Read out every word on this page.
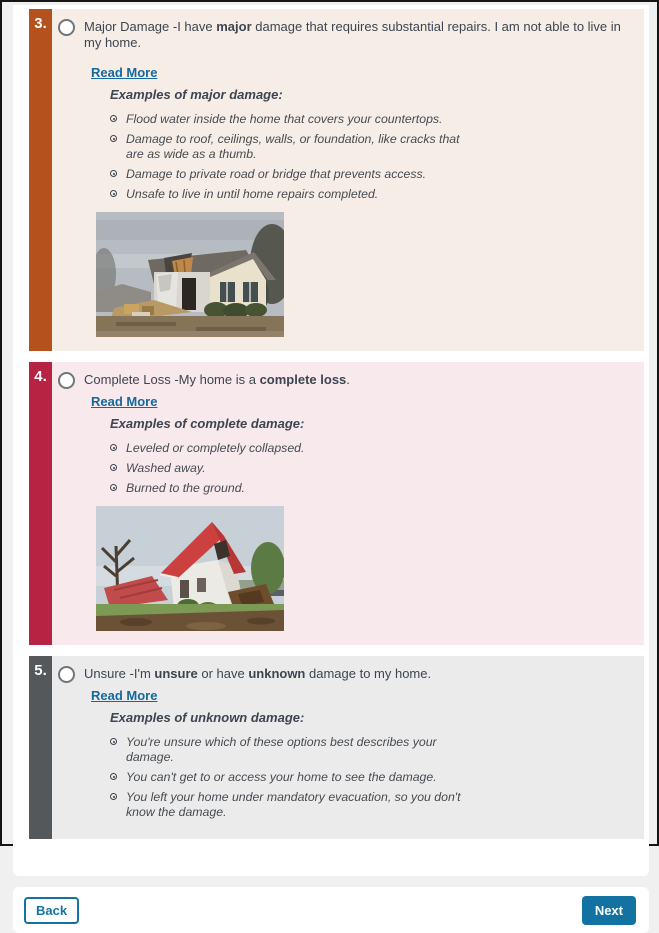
3.	Major Damage -I have major damage that requires substantial repairs. I am not able to live in my home.
Read More
Examples of major damage:
Flood water inside the home that covers your countertops.
Damage to roof, ceilings, walls, or foundation, like cracks that are as wide as a thumb.
Damage to private road or bridge that prevents access.
Unsafe to live in until home repairs completed.
4.	Complete Loss -My home is a complete loss.
Read More
Examples of complete damage:
Leveled or completely collapsed.
Washed away.
Burned to the ground.
5.	Unsure -I'm unsure or have unknown damage to my home.
Read More
Examples of unknown damage:
You're unsure which of these options best describes your damage.
You can't get to or access your home to see the damage.
You left your home under mandatory evacuation, so you don't know the damage.
Back	Next
